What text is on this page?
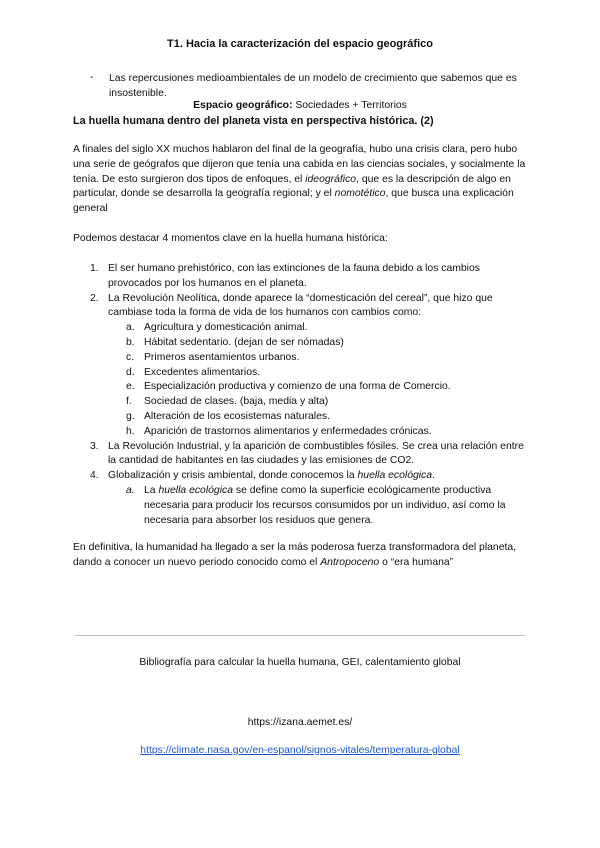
T1. Hacia la caracterización del espacio geográfico
- Las repercusiones medioambientales de un modelo de crecimiento que sabemos que es insostenible.
Espacio geográfico: Sociedades + Territorios
La huella humana dentro del planeta vista en perspectiva histórica. (2)
A finales del siglo XX muchos hablaron del final de la geografía, hubo una crisis clara, pero hubo una serie de geógrafos que dijeron que tenía una cabida en las ciencias sociales, y socialmente la tenía. De esto surgieron dos tipos de enfoques, el ideográfico, que es la descripción de algo en particular, donde se desarrolla la geografía regional; y el nomotético, que busca una explicación general
Podemos destacar 4 momentos clave en la huella humana histórica:
1. El ser humano prehistórico, con las extinciones de la fauna debido a los cambios provocados por los humanos en el planeta.
2. La Revolución Neolítica, donde aparece la “domesticación del cereal”, que hizo que cambiase toda la forma de vida de los humanos con cambios como:
a. Agricultura y domesticación animal.
b. Hábitat sedentario. (dejan de ser nómadas)
c. Primeros asentamientos urbanos.
d. Excedentes alimentarios.
e. Especialización productiva y comienzo de una forma de Comercio.
f. Sociedad de clases. (baja, media y alta)
g. Alteración de los ecosistemas naturales.
h. Aparición de trastornos alimentarios y enfermedades crónicas.
3. La Revolución Industrial, y la aparición de combustibles fósiles. Se crea una relación entre la cantidad de habitantes en las ciudades y las emisiones de CO2.
4. Globalización y crisis ambiental, donde conocemos la huella ecológica.
a. La huella ecológica se define como la superficie ecológicamente productiva necesaria para producir los recursos consumidos por un individuo, así como la necesaria para absorber los residuos que genera.
En definitiva, la humanidad ha llegado a ser la más poderosa fuerza transformadora del planeta, dando a conocer un nuevo periodo conocido como el Antropoceno o “era humana”
Bibliografía para calcular la huella humana, GEI, calentamiento global
https://izana.aemet.es/
https://climate.nasa.gov/en-espanol/signos-vitales/temperatura-global
